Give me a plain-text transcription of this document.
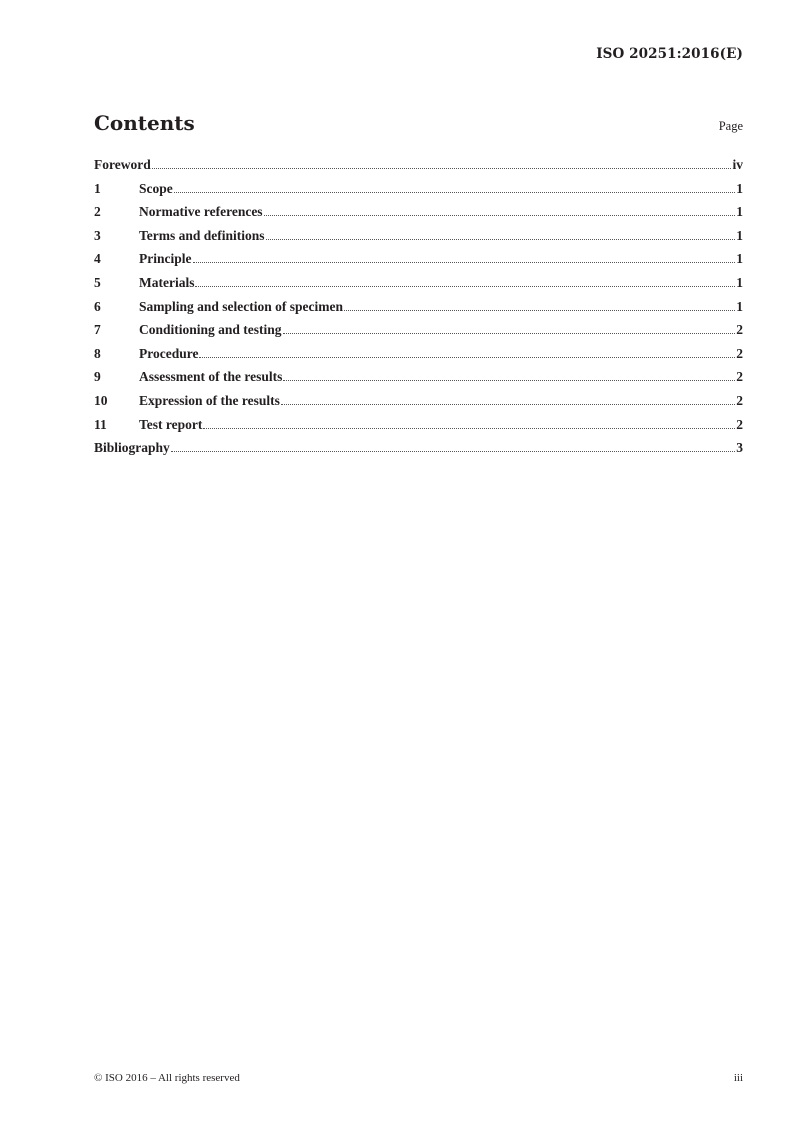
ISO 20251:2016(E)
Contents	Page
Foreword	iv
1	Scope	1
2	Normative references	1
3	Terms and definitions	1
4	Principle	1
5	Materials	1
6	Sampling and selection of specimen	1
7	Conditioning and testing	2
8	Procedure	2
9	Assessment of the results	2
10	Expression of the results	2
11	Test report	2
Bibliography	3
© ISO 2016 – All rights reserved	iii
